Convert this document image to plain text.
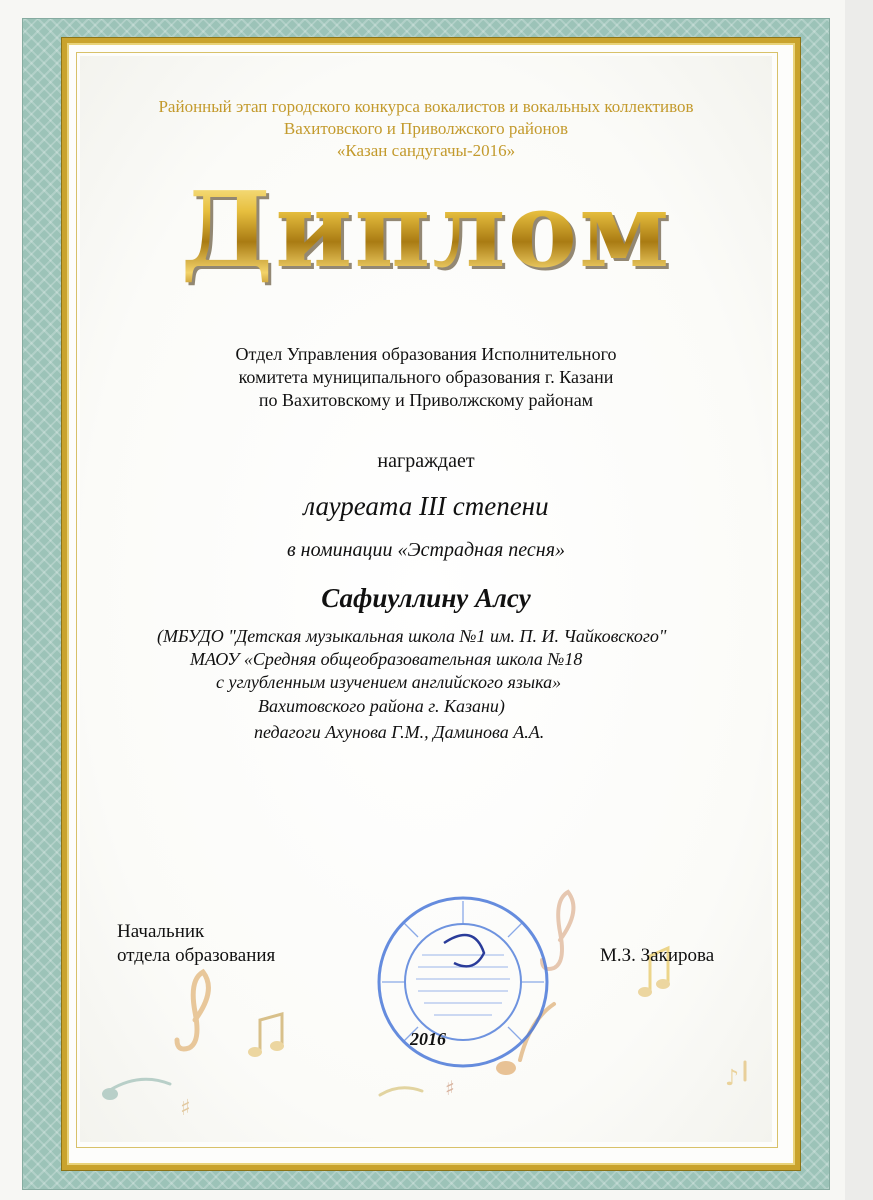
Районный этап городского конкурса вокалистов и вокальных коллективов
Вахитовского и Приволжского районов
«Казан сандугачы-2016»
Диплом
Отдел Управления образования Исполнительного
комитета муниципального образования г. Казани
по Вахитовскому и Приволжскому районам
награждает
лауреата III степени
в номинации «Эстрадная песня»
Сафиуллину Алсу
(МБУДО "Детская музыкальная школа №1 им. П. И. Чайковского"
МАОУ «Средняя общеобразовательная школа №18
с углубленным изучением английского языка»
Вахитовского района г. Казани)
педагоги Ахунова Г.М., Даминова А.А.
♯
♯	♪
Начальник
отдела образования	М.З. Закирова
2016
